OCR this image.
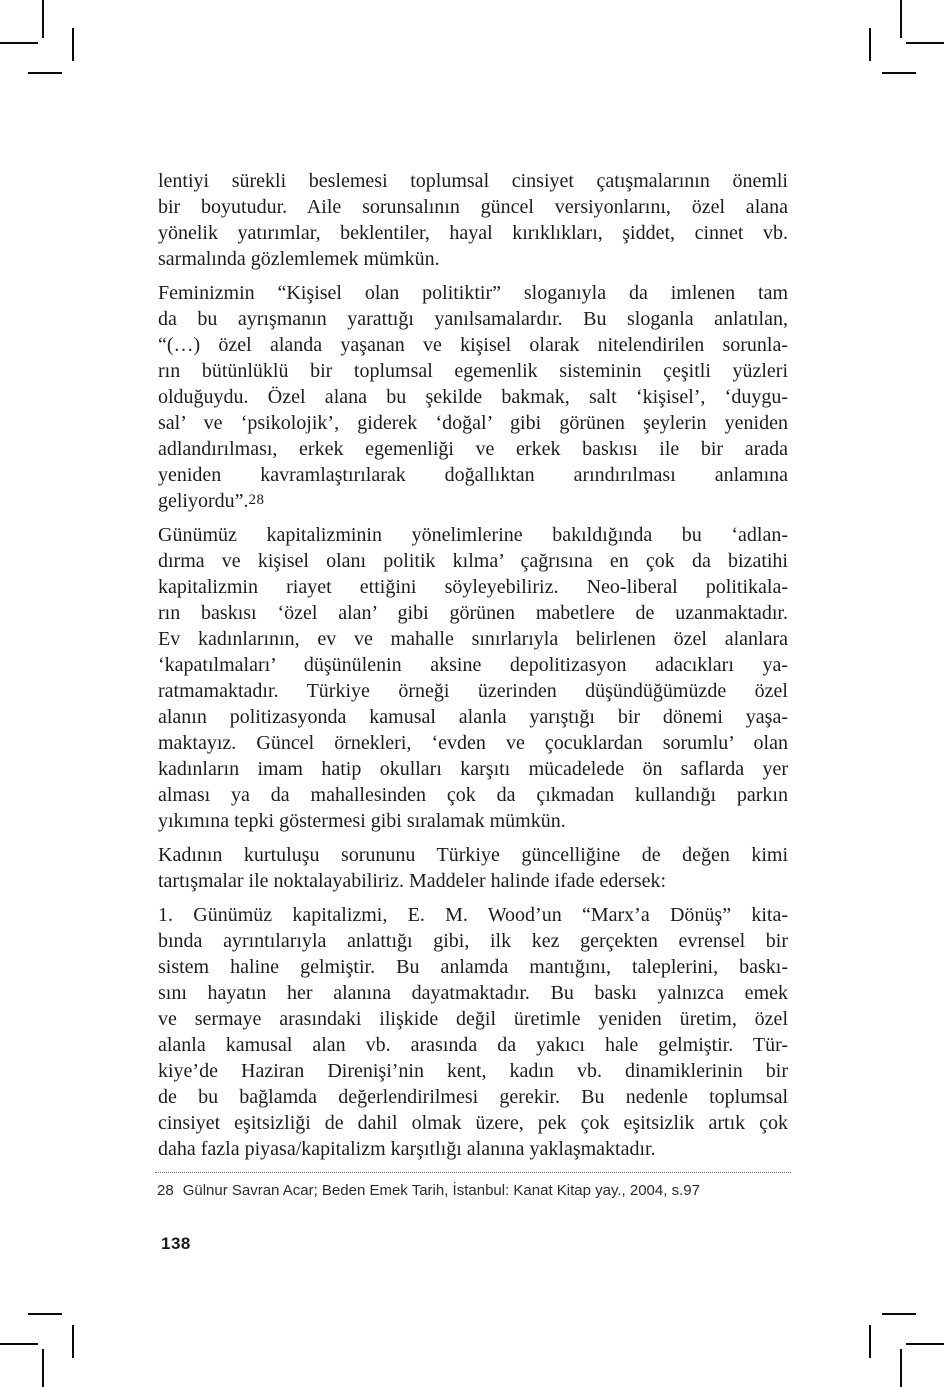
lentiyi sürekli beslemesi toplumsal cinsiyet çatışmalarının önemli
bir boyutudur. Aile sorunsalının güncel versiyonlarını, özel alana
yönelik yatırımlar, beklentiler, hayal kırıklıkları, şiddet, cinnet vb.
sarmalında gözlemlemek mümkün.

Feminizmin “Kişisel olan politiktir” sloganıyla da imlenen tam
da bu ayrışmanın yarattığı yanılsamalardır. Bu sloganla anlatılan,
“(…) özel alanda yaşanan ve kişisel olarak nitelendirilen sorunla-
rın bütünlüklü bir toplumsal egemenlik sisteminin çeşitli yüzleri
olduğuydu. Özel alana bu şekilde bakmak, salt ‘kişisel’, ‘duygu-
sal’ ve ‘psikolojik’, giderek ‘doğal’ gibi görünen şeylerin yeniden
adlandırılması, erkek egemenliği ve erkek baskısı ile bir arada
yeniden kavramlaştırılarak doğallıktan arındırılması anlamına
geliyordu”.$^{28}$

Günümüz kapitalizminin yönelimlerine bakıldığında bu ‘adlan-
dırma ve kişisel olanı politik kılma’ çağrısına en çok da bizatihi
kapitalizmin riayet ettiğini söyleyebiliriz. Neo-liberal politikala-
rın baskısı ‘özel alan’ gibi görünen mabetlere de uzanmaktadır.
Ev kadınlarının, ev ve mahalle sınırlarıyla belirlenen özel alanlara
‘kapatılmaları’ düşünülenin aksine depolitizasyon adacıkları ya-
ratmamaktadır. Türkiye örneği üzerinden düşündüğümüzde özel
alanın politizasyonda kamusal alanla yarıştığı bir dönemi yaşa-
maktayız. Güncel örnekleri, ‘evden ve çocuklardan sorumlu’ olan
kadınların imam hatip okulları karşıtı mücadelede ön saflarda yer
alması ya da mahallesinden çok da çıkmadan kullandığı parkın
yıkımına tepki göstermesi gibi sıralamak mümkün.

Kadının kurtuluşu sorununu Türkiye güncelliğine de değen kimi
tartışmalar ile noktalayabiliriz. Maddeler halinde ifade edersek:

1. Günümüz kapitalizmi, E. M. Wood’un “Marx’a Dönüş” kita-
bında ayrıntılarıyla anlattığı gibi, ilk kez gerçekten evrensel bir
sistem haline gelmiştir. Bu anlamda mantığını, taleplerini, baskı-
sını hayatın her alanına dayatmaktadır. Bu baskı yalnızca emek
ve sermaye arasındaki ilişkide değil üretimle yeniden üretim, özel
alanla kamusal alan vb. arasında da yakıcı hale gelmiştir. Tür-
kiye’de Haziran Direnişi’nin kent, kadın vb. dinamiklerinin bir
de bu bağlamda değerlendirilmesi gerekir. Bu nedenle toplumsal
cinsiyet eşitsizliği de dahil olmak üzere, pek çok eşitsizlik artık çok
daha fazla piyasa/kapitalizm karşıtlığı alanına yaklaşmaktadır.

28 Gülnur Savran Acar; Beden Emek Tarih, İstanbul: Kanat Kitap yay., 2004, s.97
138
